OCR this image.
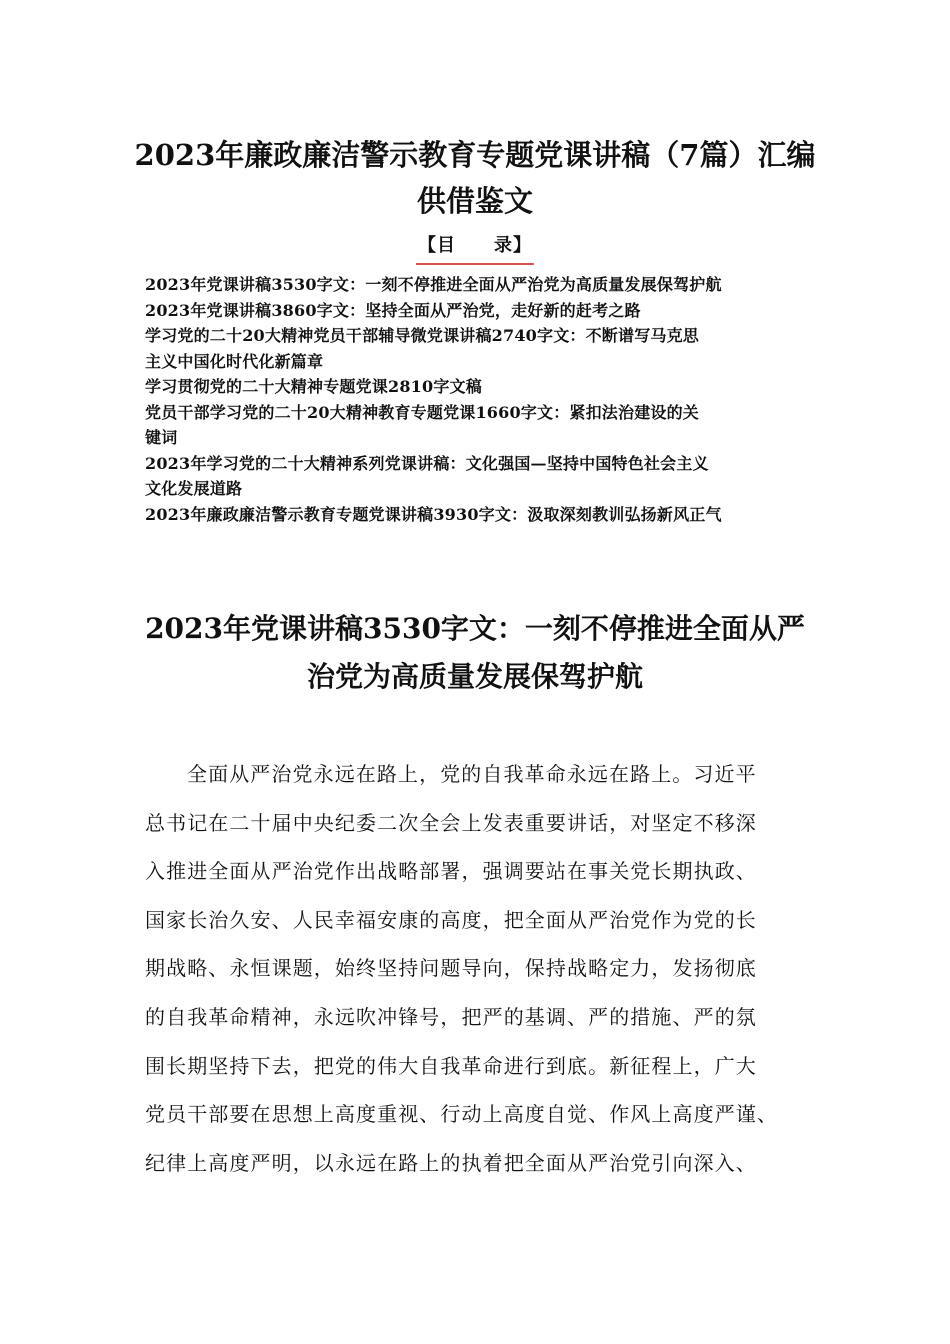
2023年廉政廉洁警示教育专题党课讲稿（7篇）汇编
供借鉴文
【目　　录】
2023年党课讲稿3530字文：一刻不停推进全面从严治党为高质量发展保驾护航
2023年党课讲稿3860字文：坚持全面从严治党，走好新的赶考之路
学习党的二十20大精神党员干部辅导微党课讲稿2740字文：不断谱写马克思
主义中国化时代化新篇章
学习贯彻党的二十大精神专题党课2810字文稿
党员干部学习党的二十20大精神教育专题党课1660字文：紧扣法治建设的关
键词
2023年学习党的二十大精神系列党课讲稿：文化强国—坚持中国特色社会主义
文化发展道路
2023年廉政廉洁警示教育专题党课讲稿3930字文：汲取深刻教训弘扬新风正气
2023年党课讲稿3530字文：一刻不停推进全面从严
治党为高质量发展保驾护航
全面从严治党永远在路上，党的自我革命永远在路上。习近平
总书记在二十届中央纪委二次全会上发表重要讲话，对坚定不移深
入推进全面从严治党作出战略部署，强调要站在事关党长期执政、
国家长治久安、人民幸福安康的高度，把全面从严治党作为党的长
期战略、永恒课题，始终坚持问题导向，保持战略定力，发扬彻底
的自我革命精神，永远吹冲锋号，把严的基调、严的措施、严的氛
围长期坚持下去，把党的伟大自我革命进行到底。新征程上，广大
党员干部要在思想上高度重视、行动上高度自觉、作风上高度严谨、
纪律上高度严明，以永远在路上的执着把全面从严治党引向深入、
